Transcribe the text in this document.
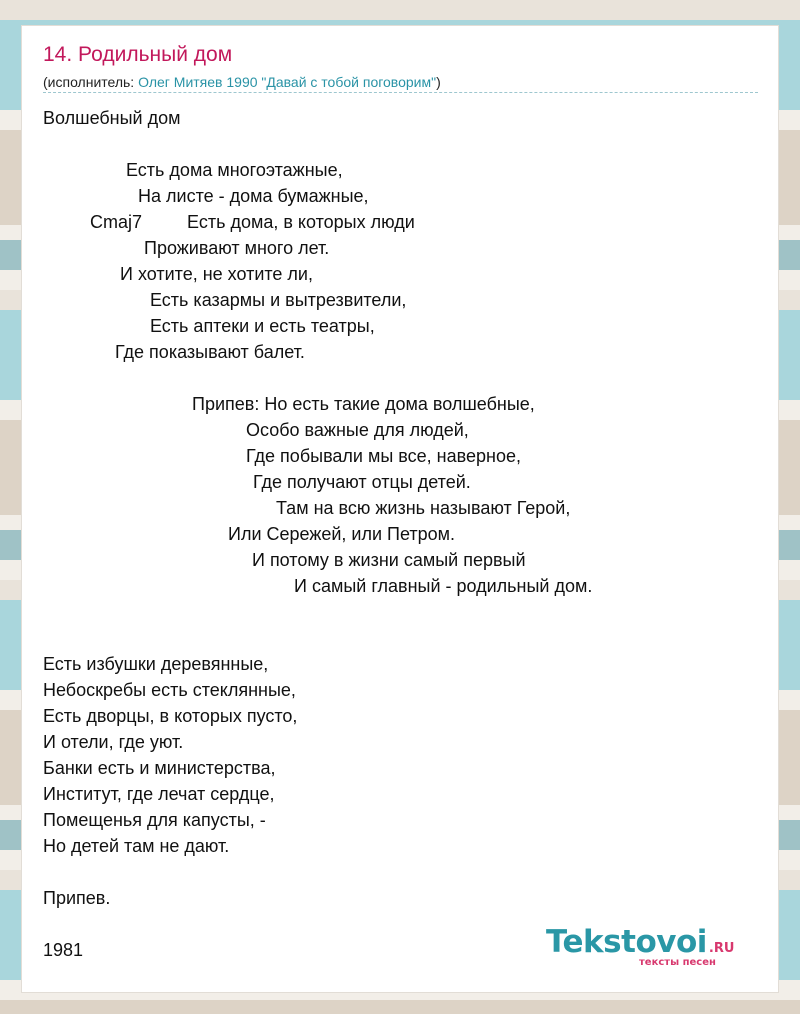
14. Родильный дом
(исполнитель: Олег Митяев 1990 "Давай с тобой поговорим")
Волшебный дом
Есть дома многоэтажные,
На листе - дома бумажные,
Cmaj7         Есть дома, в которых люди
Проживают много лет.
И хотите, не хотите ли,
Есть казармы и вытрезвители,
Есть аптеки и есть театры,
Где показывают балет.
Припев: Но есть такие дома волшебные,
Особо важные для людей,
Где побывали мы все, наверное,
Где получают отцы детей.
Там на всю жизнь называют Герой,
Или Сережей, или Петром.
И потому в жизни самый первый
И самый главный - родильный дом.
Есть избушки деревянные,
Небоскребы есть стеклянные,
Есть дворцы, в которых пусто,
И отели, где уют.
Банки есть и министерства,
Институт, где лечат сердце,
Помещенья для капусты, -
Но детей там не дают.
Припев.
1981	Tekstovoi .RU
тексты песен
